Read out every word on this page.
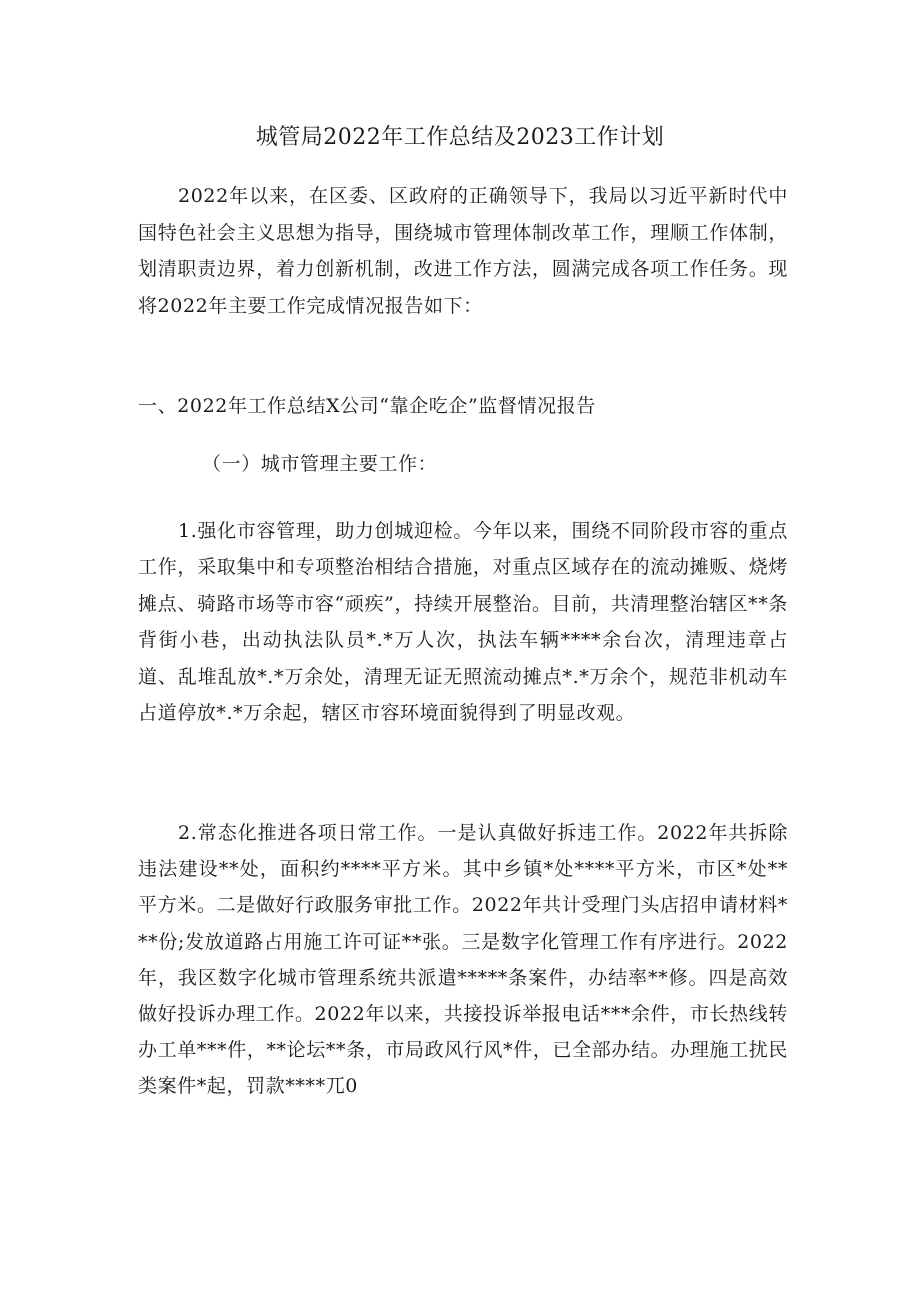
城管局2022年工作总结及2023工作计划

2022年以来，在区委、区政府的正确领导下，我局以习近平新时代中国特色社会主义思想为指导，围绕城市管理体制改革工作，理顺工作体制，划清职责边界，着力创新机制，改进工作方法，圆满完成各项工作任务。现将2022年主要工作完成情况报告如下：

一、2022年工作总结X公司“靠企吃企”监督情况报告

（一）城市管理主要工作：

1.强化市容管理，助力创城迎检。今年以来，围绕不同阶段市容的重点工作，采取集中和专项整治相结合措施，对重点区域存在的流动摊贩、烧烤摊点、骑路市场等市容“顽疾”，持续开展整治。目前，共清理整治辖区**条背街小巷，出动执法队员*.*万人次，执法车辆****余台次，清理违章占道、乱堆乱放*.*万余处，清理无证无照流动摊点*.*万余个，规范非机动车占道停放*.*万余起，辖区市容环境面貌得到了明显改观。

2.常态化推进各项日常工作。一是认真做好拆违工作。2022年共拆除违法建设**处，面积约****平方米。其中乡镇*处****平方米，市区*处**平方米。二是做好行政服务审批工作。2022年共计受理门头店招申请材料***份;发放道路占用施工许可证**张。三是数字化管理工作有序进行。2022年，我区数字化城市管理系统共派遣*****条案件，办结率**修。四是高效做好投诉办理工作。2022年以来，共接投诉举报电话***余件，市长热线转办工单***件，**论坛**条，市局政风行风*件，已全部办结。办理施工扰民类案件*起，罚款****兀0
